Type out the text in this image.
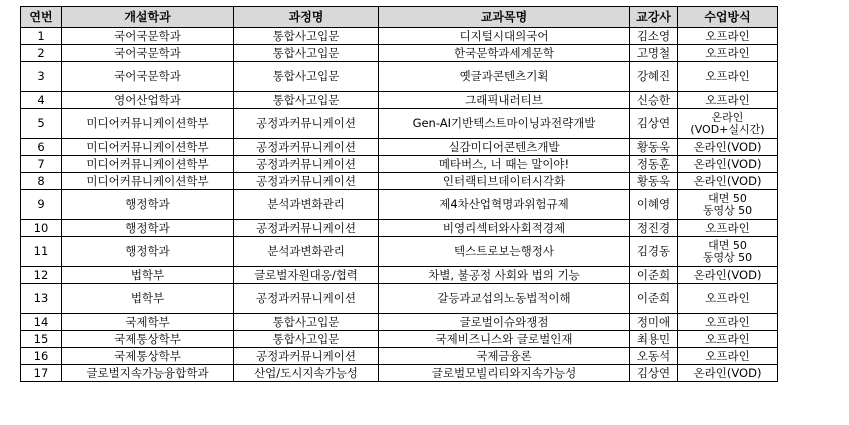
연번	개설학과	과정명	교과목명	교강사	수업방식
1	국어국문학과	통합사고입문	디지털시대의국어	김소영	오프라인
2	국어국문학과	통합사고입문	한국문학과세계문학	고명철	오프라인
3	국어국문학과	통합사고입문	옛글과콘텐츠기획	강혜진	오프라인
4	영어산업학과	통합사고입문	그래픽내러티브	신승한	오프라인
5	미디어커뮤니케이션학부	공정과커뮤니케이션	Gen-AI기반텍스트마이닝과전략개발	김상연	온라인
(VOD+실시간)
6	미디어커뮤니케이션학부	공정과커뮤니케이션	실감미디어콘텐츠개발	황동욱	온라인(VOD)
7	미디어커뮤니케이션학부	공정과커뮤니케이션	메타버스, 너 때는 말이야!	정동훈	온라인(VOD)
8	미디어커뮤니케이션학부	공정과커뮤니케이션	인터랙티브데이터시각화	황동욱	온라인(VOD)
9	행정학과	분석과변화관리	제4차산업혁명과위험규제	이혜영	대면 50
동영상 50
10	행정학과	공정과커뮤니케이션	비영리섹터와사회적경제	정진경	오프라인
11	행정학과	분석과변화관리	텍스트로보는행정사	김경동	대면 50
동영상 50
12	법학부	글로벌자원대응/협력	차별, 불공정 사회와 법의 기능	이준희	온라인(VOD)
13	법학부	공정과커뮤니케이션	갈등과교섭의노동법적이해	이준희	오프라인
14	국제학부	통합사고입문	글로벌이슈와쟁점	정미애	오프라인
15	국제통상학부	통합사고입문	국제비즈니스와 글로벌인재	최용민	오프라인
16	국제통상학부	공정과커뮤니케이션	국제금융론	오동석	오프라인
17	글로벌지속가능융합학과	산업/도시지속가능성	글로벌모빌리티와지속가능성	김상연	온라인(VOD)
